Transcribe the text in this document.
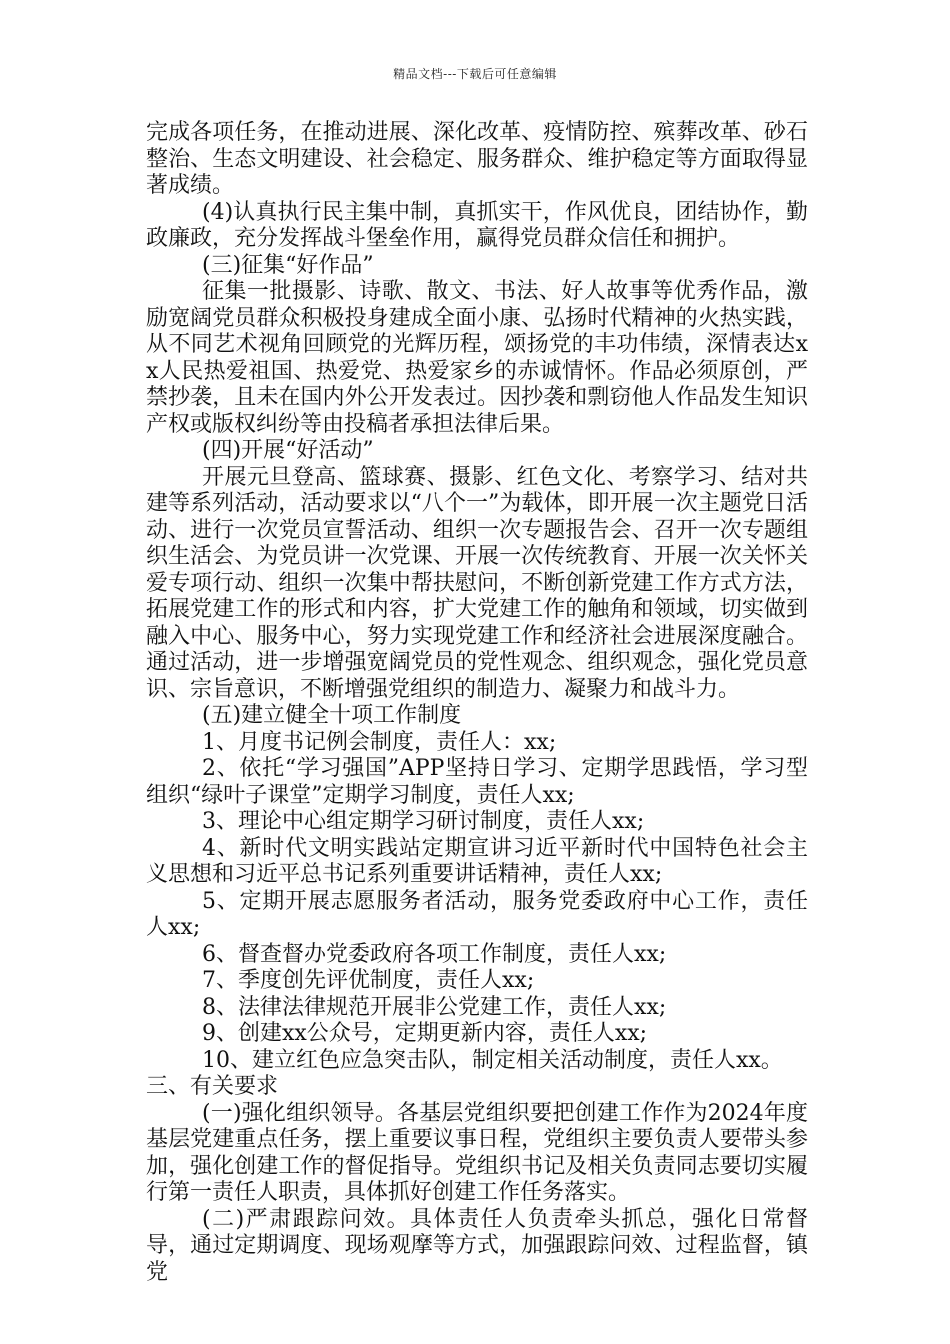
精品文档---下载后可任意编辑

完成各项任务，在推动进展、深化改革、疫情防控、殡葬改革、砂石整治、生态文明建设、社会稳定、服务群众、维护稳定等方面取得显著成绩。

(4)认真执行民主集中制，真抓实干，作风优良，团结协作，勤政廉政，充分发挥战斗堡垒作用，赢得党员群众信任和拥护。

(三)征集“好作品”

征集一批摄影、诗歌、散文、书法、好人故事等优秀作品，激励宽阔党员群众积极投身建成全面小康、弘扬时代精神的火热实践，从不同艺术视角回顾党的光辉历程，颂扬党的丰功伟绩，深情表达xx人民热爱祖国、热爱党、热爱家乡的赤诚情怀。作品必须原创，严禁抄袭，且未在国内外公开发表过。因抄袭和剽窃他人作品发生知识产权或版权纠纷等由投稿者承担法律后果。

(四)开展“好活动”

开展元旦登高、篮球赛、摄影、红色文化、考察学习、结对共建等系列活动，活动要求以“八个一”为载体，即开展一次主题党日活动、进行一次党员宣誓活动、组织一次专题报告会、召开一次专题组织生活会、为党员讲一次党课、开展一次传统教育、开展一次关怀关爱专项行动、组织一次集中帮扶慰问，不断创新党建工作方式方法，拓展党建工作的形式和内容，扩大党建工作的触角和领域，切实做到融入中心、服务中心，努力实现党建工作和经济社会进展深度融合。通过活动，进一步增强宽阔党员的党性观念、组织观念，强化党员意识、宗旨意识，不断增强党组织的制造力、凝聚力和战斗力。

(五)建立健全十项工作制度

1、月度书记例会制度，责任人：xx;

2、依托“学习强国”APP坚持日学习、定期学思践悟，学习型组织“绿叶子课堂”定期学习制度，责任人xx;

3、理论中心组定期学习研讨制度，责任人xx;

4、新时代文明实践站定期宣讲习近平新时代中国特色社会主义思想和习近平总书记系列重要讲话精神，责任人xx;

5、定期开展志愿服务者活动，服务党委政府中心工作，责任人xx;

6、督查督办党委政府各项工作制度，责任人xx;

7、季度创先评优制度，责任人xx;

8、法律法律规范开展非公党建工作，责任人xx;

9、创建xx公众号，定期更新内容，责任人xx;

10、建立红色应急突击队，制定相关活动制度，责任人xx。

三、有关要求

(一)强化组织领导。各基层党组织要把创建工作作为2024年度基层党建重点任务，摆上重要议事日程，党组织主要负责人要带头参加，强化创建工作的督促指导。党组织书记及相关负责同志要切实履行第一责任人职责，具体抓好创建工作任务落实。

(二)严肃跟踪问效。具体责任人负责牵头抓总，强化日常督导，通过定期调度、现场观摩等方式，加强跟踪问效、过程监督，镇党
